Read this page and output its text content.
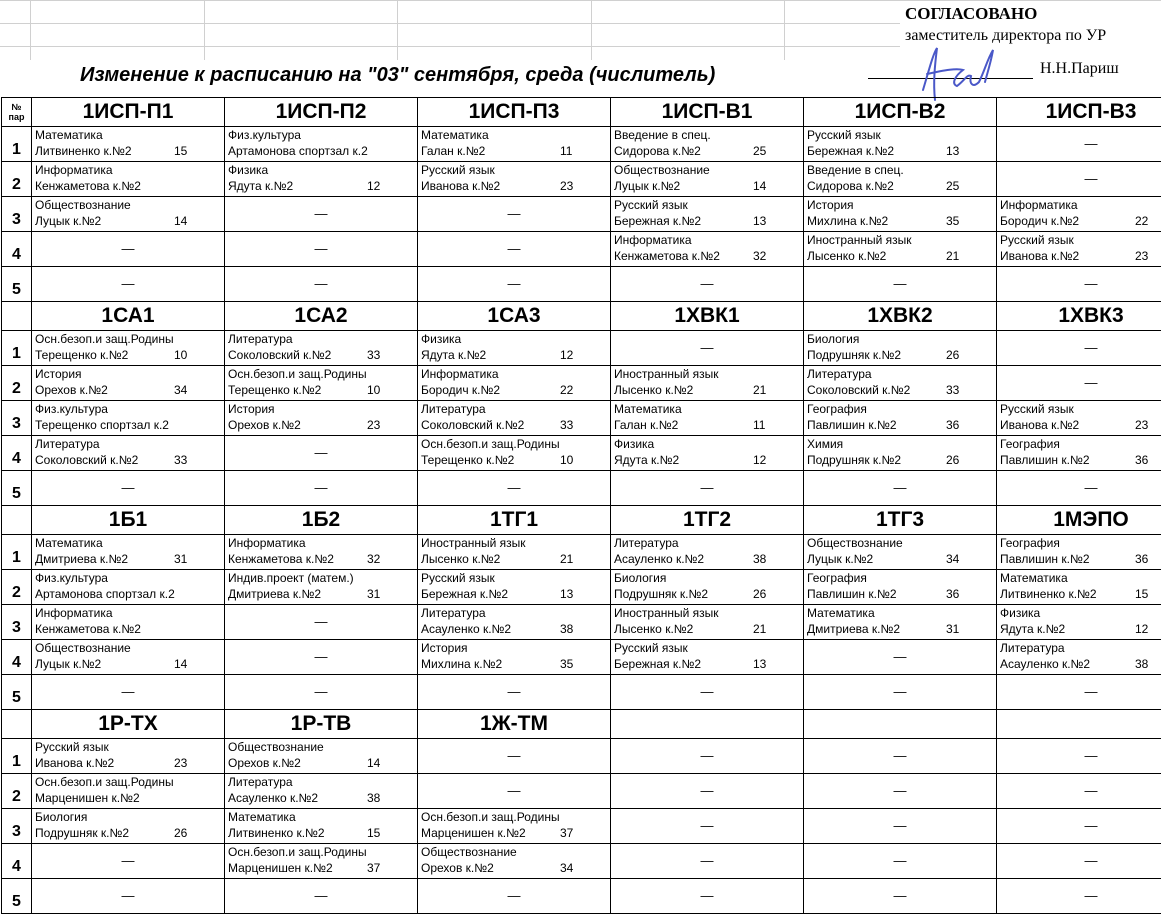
Изменение к расписанию на "03" сентября, среда (числитель)
СОГЛАСОВАНО
заместитель директора по УР
Н.Н.Париш
№
пар	1ИСП-П1	1ИСП-П2	1ИСП-П3	1ИСП-В1	1ИСП-В2	1ИСП-В3
1	Математика
Литвиненко к.№2 15	Физ.культура
Артамонова спортзал к.2	Математика
Галан к.№2 11	Введение в спец.
Сидорова к.№2 25	Русский язык
Бережная к.№2 13	—

2	Информатика
Кенжаметова к.№2	Физика
Ядута к.№2 12	Русский язык
Иванова к.№2 23	Обществознание
Луцык к.№2 14	Введение в спец.
Сидорова к.№2 25	—

3	Обществознание
Луцык к.№2 14	—	—	Русский язык
Бережная к.№2 13	История
Михлина к.№2 35	Информатика
Бородич к.№2 22

4	—	—	—	Информатика
Кенжаметова к.№2 32	Иностранный язык
Лысенко к.№2 21	Русский язык
Иванова к.№2 23

5	—	—	—	—	—	—

	1СА1	1СА2	1СА3	1ХВК1	1ХВК2	1ХВК3
1	Осн.безоп.и защ.Родины
Терещенко к.№2 10	Литература
Соколовский к.№2 33	Физика
Ядута к.№2 12	—	Биология
Подрушняк к.№2 26	—

2	История
Орехов к.№2 34	Осн.безоп.и защ.Родины
Терещенко к.№2 10	Информатика
Бородич к.№2 22	Иностранный язык
Лысенко к.№2 21	Литература
Соколовский к.№2 33	—

3	Физ.культура
Терещенко спортзал к.2	История
Орехов к.№2 23	Литература
Соколовский к.№2 33	Математика
Галан к.№2 11	География
Павлишин к.№2 36	Русский язык
Иванова к.№2 23

4	Литература
Соколовский к.№2 33	—	Осн.безоп.и защ.Родины
Терещенко к.№2 10	Физика
Ядута к.№2 12	Химия
Подрушняк к.№2 26	География
Павлишин к.№2 36

5	—	—	—	—	—	—

	1Б1	1Б2	1ТГ1	1ТГ2	1ТГ3	1МЭПО
1	Математика
Дмитриева к.№2 31	Информатика
Кенжаметова к.№2 32	Иностранный язык
Лысенко к.№2 21	Литература
Асауленко к.№2 38	Обществознание
Луцык к.№2 34	География
Павлишин к.№2 36

2	Физ.культура
Артамонова спортзал к.2	Индив.проект (матем.)
Дмитриева к.№2 31	Русский язык
Бережная к.№2 13	Биология
Подрушняк к.№2 26	География
Павлишин к.№2 36	Математика
Литвиненко к.№2 15

3	Информатика
Кенжаметова к.№2	—	Литература
Асауленко к.№2 38	Иностранный язык
Лысенко к.№2 21	Математика
Дмитриева к.№2 31	Физика
Ядута к.№2 12

4	Обществознание
Луцык к.№2 14	—	История
Михлина к.№2 35	Русский язык
Бережная к.№2 13	—	Литература
Асауленко к.№2 38

5	—	—	—	—	—	—

	1Р-ТХ	1Р-ТВ	1Ж-ТМ			
1	Русский язык
Иванова к.№2 23	Обществознание
Орехов к.№2 14	—	—	—	—

2	Осн.безоп.и защ.Родины
Марценишен к.№2	Литература
Асауленко к.№2 38	—	—	—	—

3	Биология
Подрушняк к.№2 26	Математика
Литвиненко к.№2 15	Осн.безоп.и защ.Родины
Марценишен к.№2 37	—	—	—

4	—	Осн.безоп.и защ.Родины
Марценишен к.№2 37	Обществознание
Орехов к.№2 34	—	—	—

5	—	—	—	—	—	—
